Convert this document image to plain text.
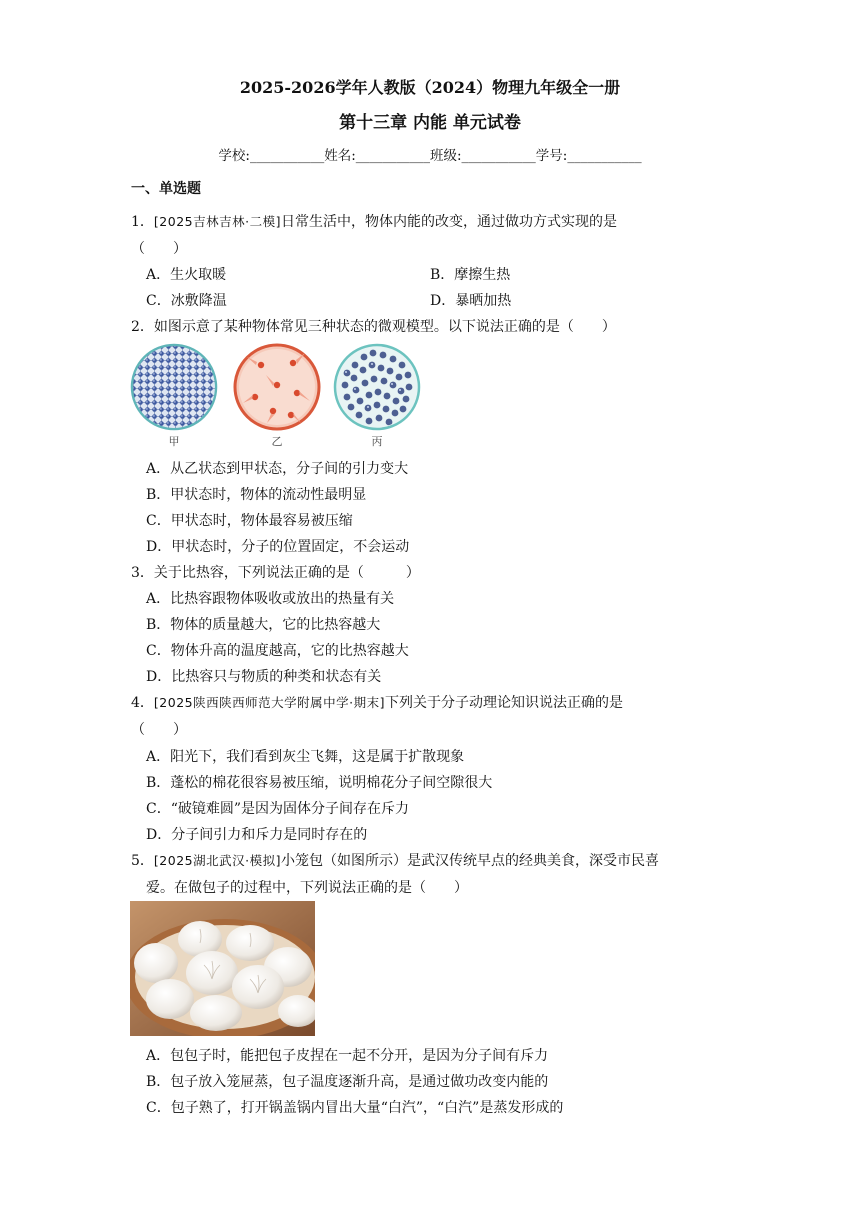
2025-2026学年人教版（2024）物理九年级全一册
第十三章 内能 单元试卷
学校:___________姓名:___________班级:___________学号:___________
一、单选题
1．[2025吉林吉林·二模]日常生活中，物体内能的改变，通过做功方式实现的是
（　　）
A．生火取暖	B．摩擦生热
C．冰敷降温	D．暴晒加热
2．如图示意了某种物体常见三种状态的微观模型。以下说法正确的是（　　）
甲	乙	丙
A．从乙状态到甲状态，分子间的引力变大
B．甲状态时，物体的流动性最明显
C．甲状态时，物体最容易被压缩
D．甲状态时，分子的位置固定，不会运动
3．关于比热容，下列说法正确的是（　　　）
A．比热容跟物体吸收或放出的热量有关
B．物体的质量越大，它的比热容越大
C．物体升高的温度越高，它的比热容越大
D．比热容只与物质的种类和状态有关
4．[2025陕西陕西师范大学附属中学·期末]下列关于分子动理论知识说法正确的是
（　　）
A．阳光下，我们看到灰尘飞舞，这是属于扩散现象
B．蓬松的棉花很容易被压缩，说明棉花分子间空隙很大
C．“破镜难圆”是因为固体分子间存在斥力
D．分子间引力和斥力是同时存在的
5．[2025湖北武汉·模拟]小笼包（如图所示）是武汉传统早点的经典美食，深受市民喜
爱。在做包子的过程中，下列说法正确的是（　　）
A．包包子时，能把包子皮捏在一起不分开，是因为分子间有斥力
B．包子放入笼屉蒸，包子温度逐渐升高，是通过做功改变内能的
C．包子熟了，打开锅盖锅内冒出大量“白汽”，“白汽”是蒸发形成的
